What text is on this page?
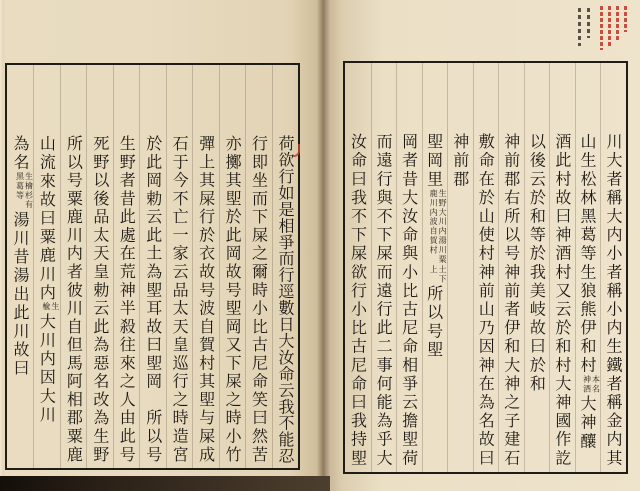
川大者稱大内小者稱小内生鐵者稱金内其
山生松林黑葛等生狼熊伊和村本名神酒大神釀
酒此村故曰神酒村又云於和村大神國作訖
以後云於和等於我美岐故曰於和
神前郡右所以号神前者伊和大神之子建石
敷命在於山使村神前山乃因神在為名故曰
神前郡
堲岡里生野大川内湯川粟鹿川内波自賀村土下上所以号堲
岡者昔大汝命與小比古尼命相爭云擔堲荷
而遠行與不下屎而遠行此二事何能為乎大
汝命曰我不下屎欲行小比古尼命曰我持堲
荷欲行如是相爭而行逕數日大汝命云我不能忍
行即坐而下屎之爾時小比古尼命笑曰然苦
亦擲其堲於此岡故号堲岡又下屎之時小竹
彈上其屎行於衣故号波自賀村其堲与屎成
石于今不亡一家云品太天皇巡行之時造宮
於此岡勅云此土為堲耳故曰堲岡　所以号
生野者昔此處在荒神半殺往來之人由此号
死野以後品太天皇勅云此為惡名改為生野
所以号粟鹿川内者彼川自但馬阿相郡粟鹿
山流來故曰粟鹿川内生楡大川内因大川
為名生檜杉有黑葛等湯川昔湯出此川故曰
